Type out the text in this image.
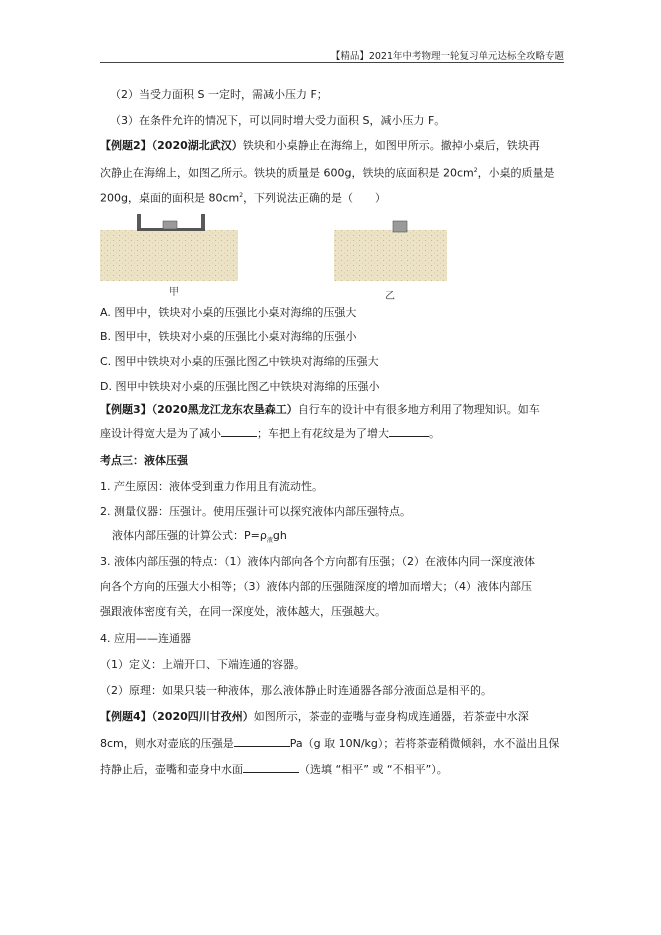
【精品】2021年中考物理一轮复习单元达标全攻略专题
（2）当受力面积 S 一定时，需减小压力 F；
（3）在条件允许的情况下，可以同时增大受力面积 S，减小压力 F。
【例题2】（2020湖北武汉）铁块和小桌静止在海绵上，如图甲所示。撤掉小桌后，铁块再
次静止在海绵上，如图乙所示。铁块的质量是 600g，铁块的底面积是 $20cm^2$，小桌的质量是
200g，桌面的面积是 $80cm^2$，下列说法正确的是（　　）
甲	乙
A. 图甲中，铁块对小桌的压强比小桌对海绵的压强大
B. 图甲中，铁块对小桌的压强比小桌对海绵的压强小
C. 图甲中铁块对小桌的压强比图乙中铁块对海绵的压强大
D. 图甲中铁块对小桌的压强比图乙中铁块对海绵的压强小
【例题3】（2020黑龙江龙东农垦森工）自行车的设计中有很多地方利用了物理知识。如车
座设计得宽大是为了减小	；车把上有花纹是为了增大	。
考点三：液体压强
1. 产生原因：液体受到重力作用且有流动性。
2. 测量仪器：压强计。使用压强计可以探究液体内部压强特点。
液体内部压强的计算公式：$P=\rho_液gh$
3. 液体内部压强的特点：（1）液体内部向各个方向都有压强；（2）在液体内同一深度液体
向各个方向的压强大小相等；（3）液体内部的压强随深度的增加而增大；（4）液体内部压
强跟液体密度有关，在同一深度处，液体越大，压强越大。
4. 应用——连通器
（1）定义：上端开口、下端连通的容器。
（2）原理：如果只装一种液体，那么液体静止时连通器各部分液面总是相平的。
【例题4】（2020四川甘孜州）如图所示，茶壶的壶嘴与壶身构成连通器，若茶壶中水深
8cm，则水对壶底的压强是	Pa（g 取 10N/kg）；若将茶壶稍微倾斜，水不溢出且保
持静止后，壶嘴和壶身中水面	（选填 “相平” 或 “不相平”）。
